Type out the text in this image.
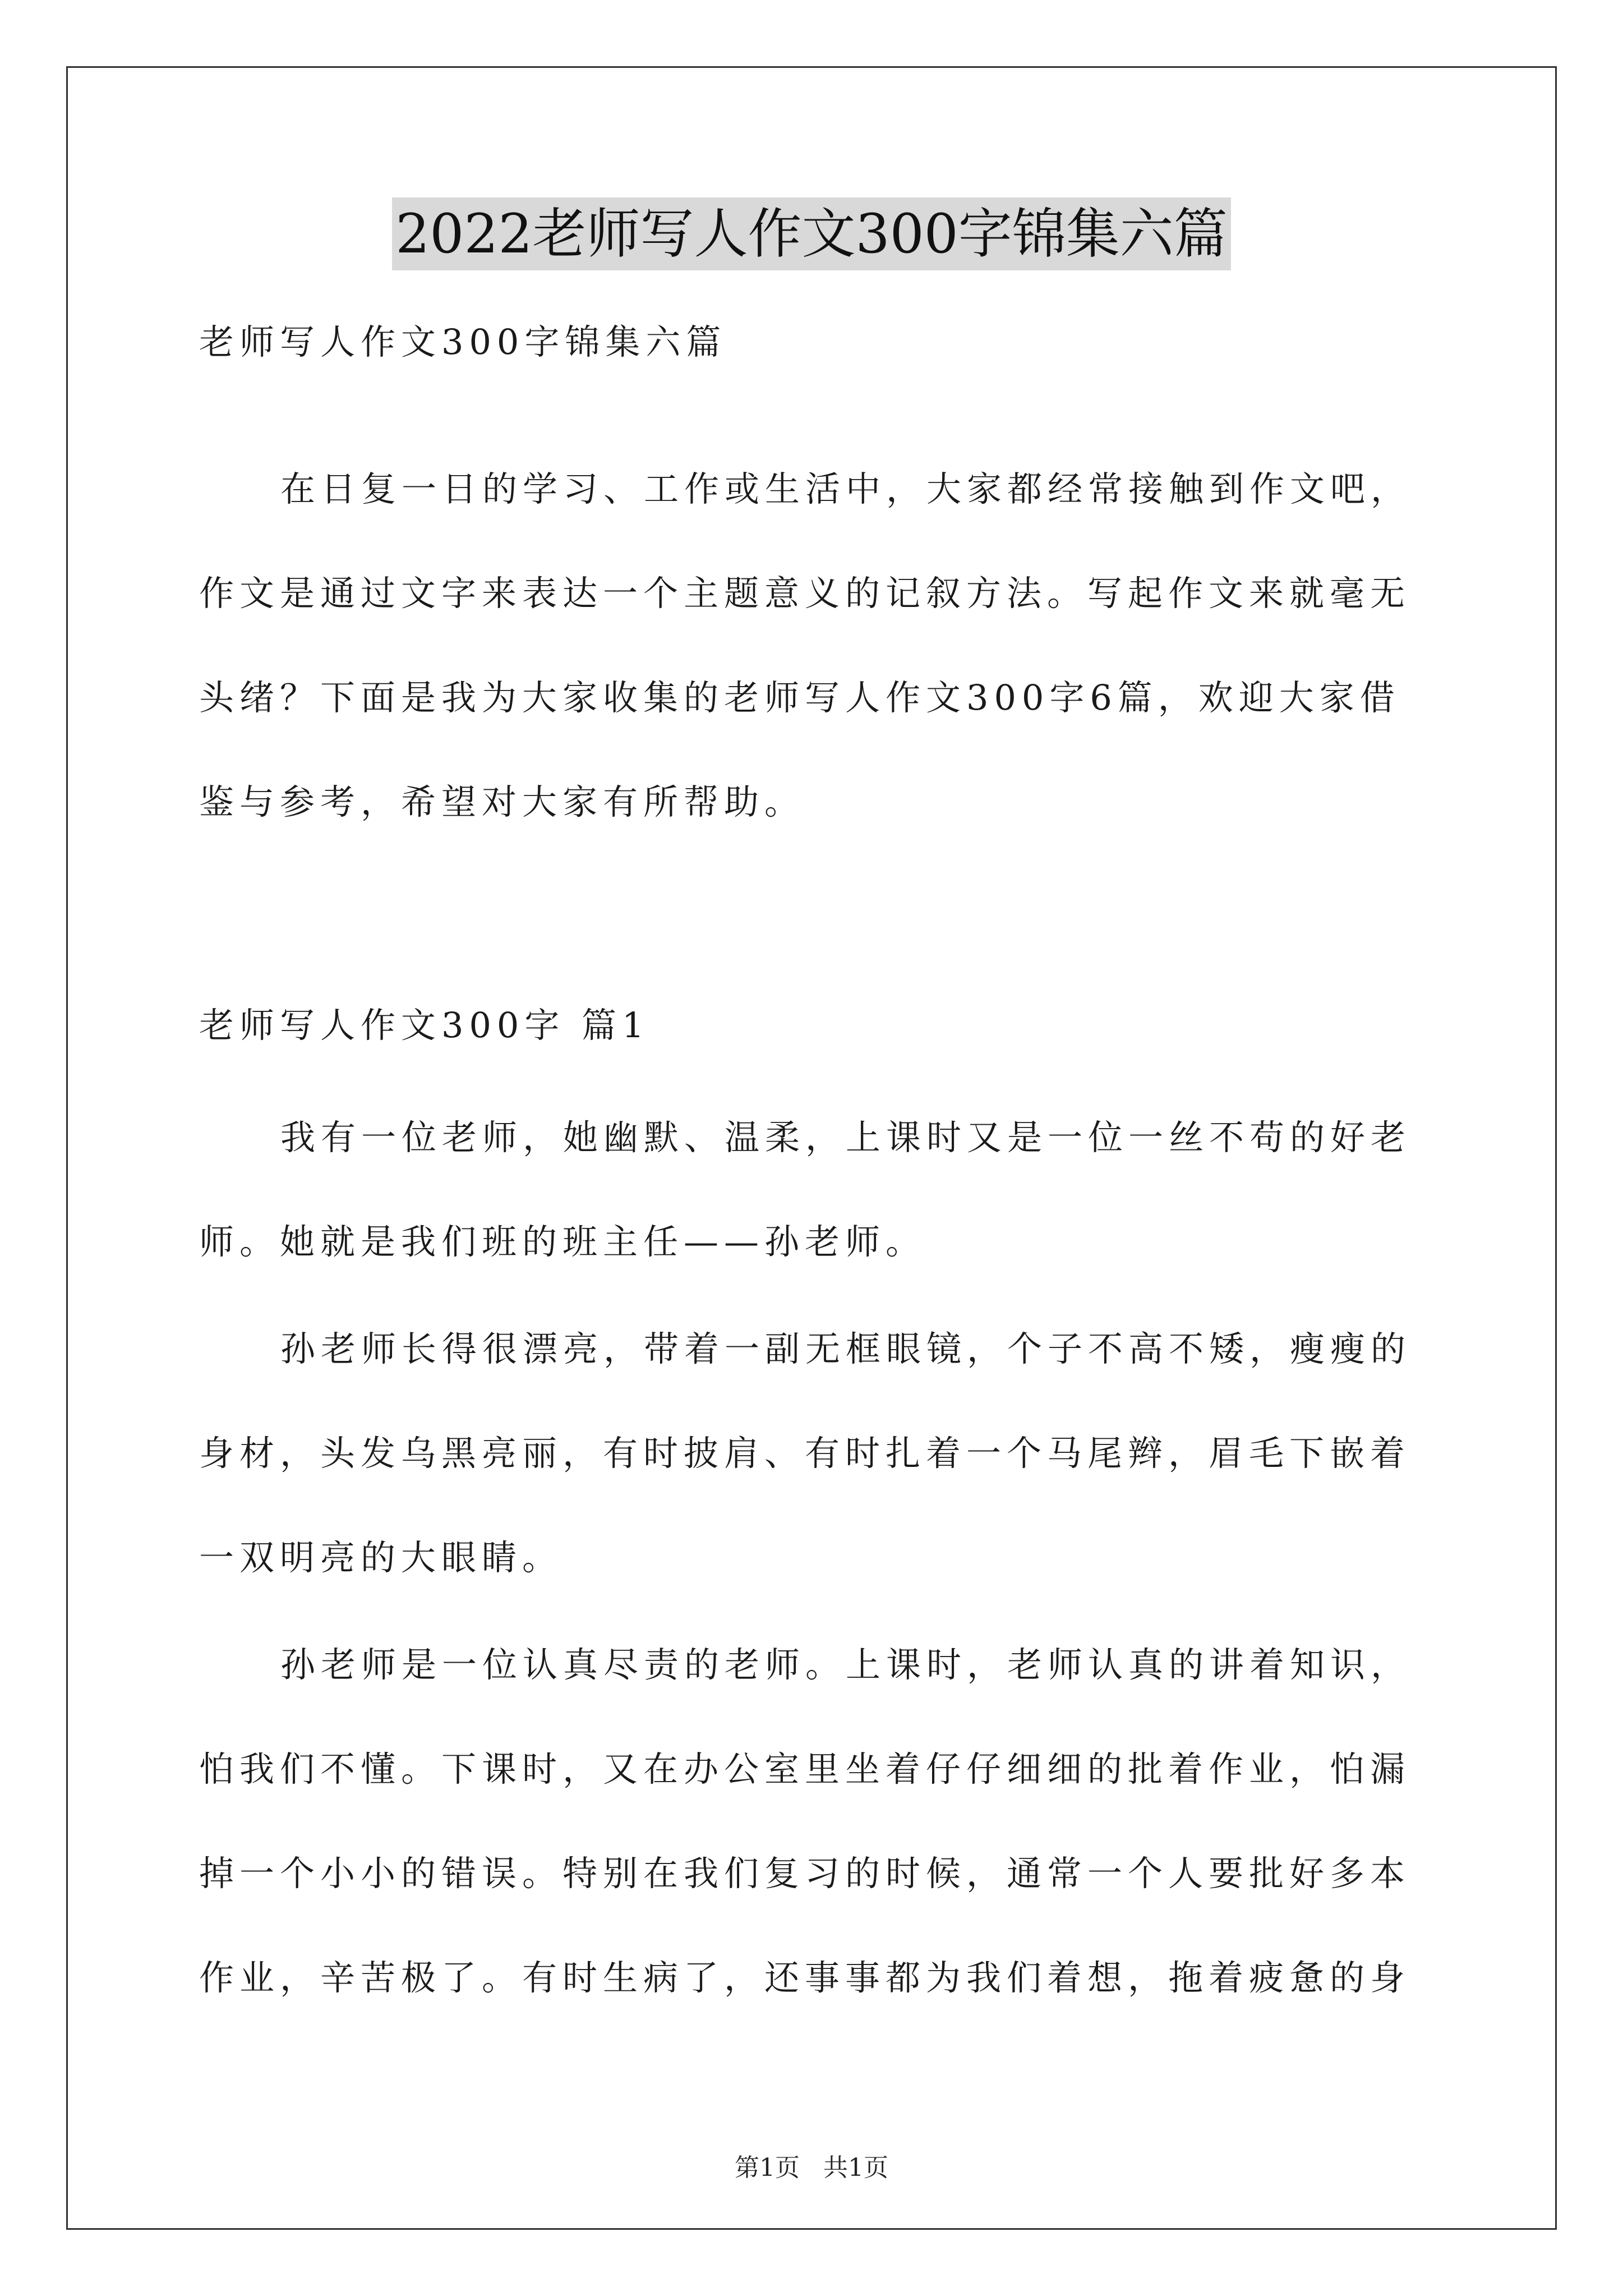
2022老师写人作文300字锦集六篇
老师写人作文300字锦集六篇
在日复一日的学习、工作或生活中，大家都经常接触到作文吧，
作文是通过文字来表达一个主题意义的记叙方法。写起作文来就毫无
头绪？下面是我为大家收集的老师写人作文300字6篇，欢迎大家借
鉴与参考，希望对大家有所帮助。
老师写人作文300字 篇1
我有一位老师，她幽默、温柔，上课时又是一位一丝不苟的好老
师。她就是我们班的班主任——孙老师。
孙老师长得很漂亮，带着一副无框眼镜，个子不高不矮，瘦瘦的
身材，头发乌黑亮丽，有时披肩、有时扎着一个马尾辫，眉毛下嵌着
一双明亮的大眼睛。
孙老师是一位认真尽责的老师。上课时，老师认真的讲着知识，
怕我们不懂。下课时，又在办公室里坐着仔仔细细的批着作业，怕漏
掉一个小小的错误。特别在我们复习的时候，通常一个人要批好多本
作业，辛苦极了。有时生病了，还事事都为我们着想，拖着疲惫的身
第1页   共1页
